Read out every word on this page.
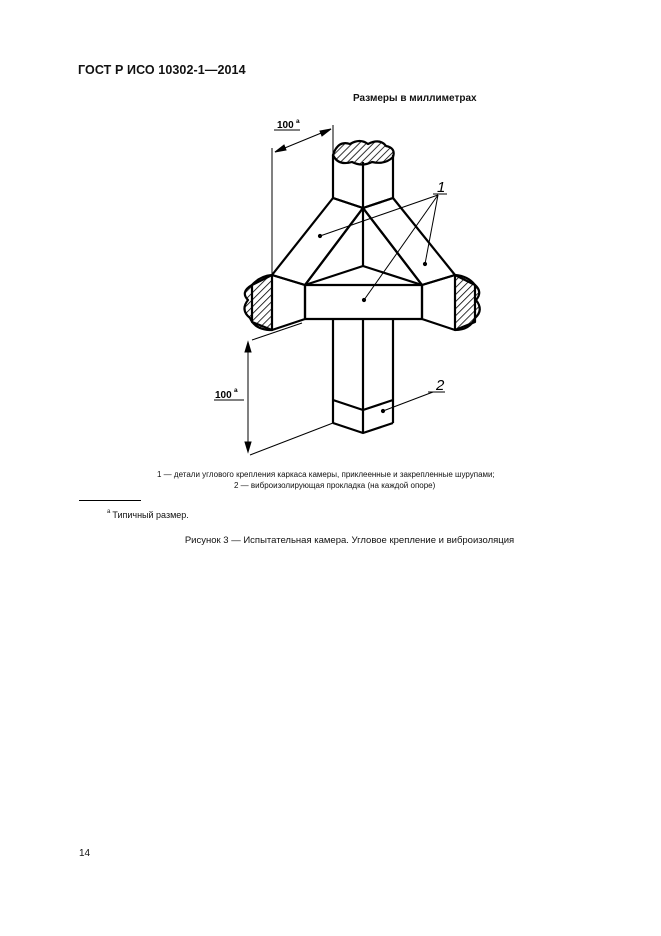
ГОСТ Р ИСО 10302-1—2014
Размеры в миллиметрах
100 a
100 a
1
2
1 — детали углового крепления каркаса камеры, приклеенные и закрепленные шурупами;
2 — виброизолирующая прокладка (на каждой опоре)
$^a$ Типичный размер.
Рисунок 3 — Испытательная камера. Угловое крепление и виброизоляция
14
